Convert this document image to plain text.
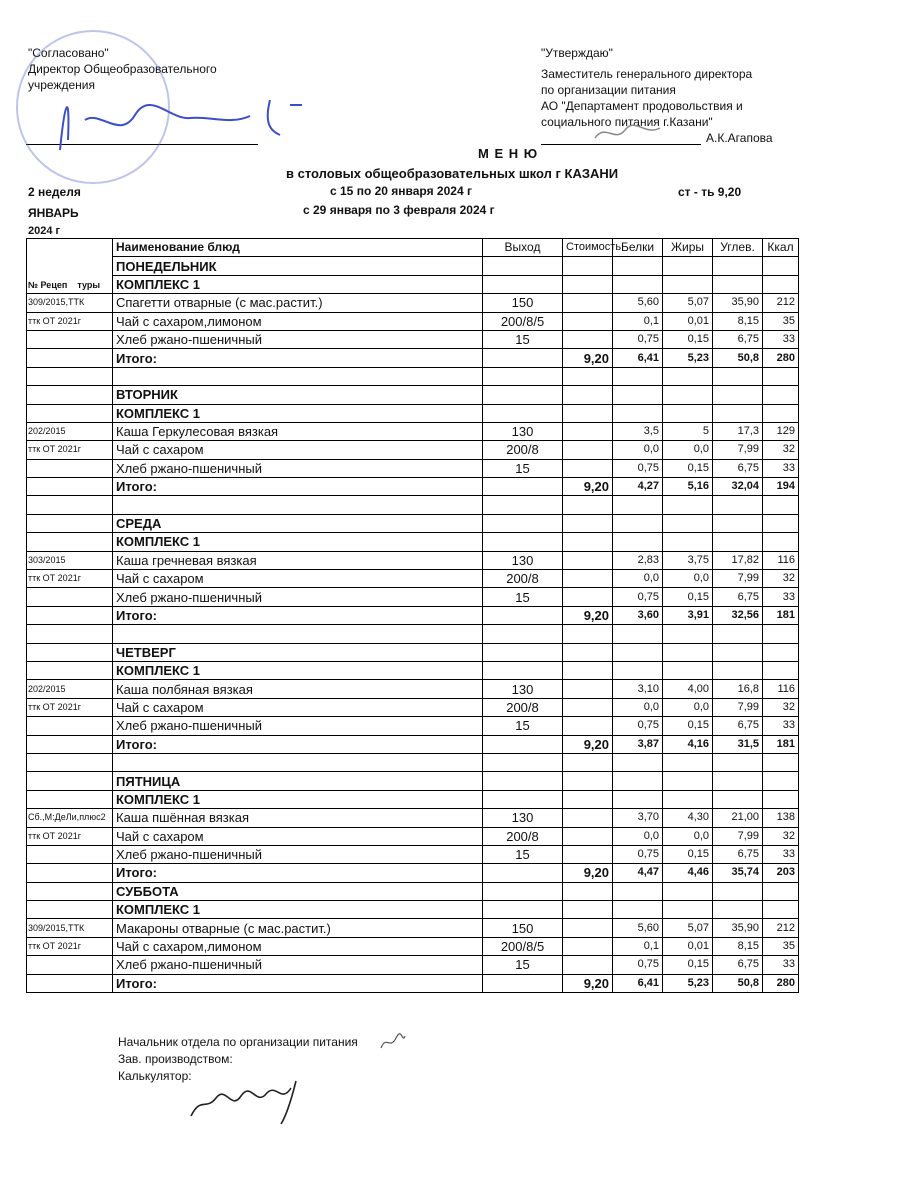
"Согласовано"
Директор Общеобразовательного
учреждения
"Утверждаю"
Заместитель генерального директора
по организации питания
АО "Департамент продовольствия и
социального питания г.Казани"
А.К.Агапова
М Е Н Ю
в столовых общеобразовательных школ г КАЗАНИ
2 неделя	с 15 по 20 января 2024 г	ст - ть 9,20
ЯНВАРЬ	с 29 января по 3 февраля 2024 г
2024 г
№ Рецеп туры	Наименование блюд	Выход	Стоимость	Белки	Жиры	Углев.	Ккал
	ПОНЕДЕЛЬНИК						
	КОМПЛЕКС 1						
309/2015,ТТК	Спагетти отварные (с мас.растит.)	150		5,60	5,07	35,90	212
ттк ОТ 2021г	Чай с сахаром,лимоном	200/8/5		0,1	0,01	8,15	35
	Хлеб ржано-пшеничный	15		0,75	0,15	6,75	33
	Итого:		9,20	6,41	5,23	50,8	280

	ВТОРНИК						
	КОМПЛЕКС 1						
202/2015	Каша Геркулесовая вязкая	130		3,5	5	17,3	129
ттк ОТ 2021г	Чай с сахаром	200/8		0,0	0,0	7,99	32
	Хлеб ржано-пшеничный	15		0,75	0,15	6,75	33
	Итого:		9,20	4,27	5,16	32,04	194

	СРЕДА						
	КОМПЛЕКС 1						
303/2015	Каша гречневая вязкая	130		2,83	3,75	17,82	116
ттк ОТ 2021г	Чай с сахаром	200/8		0,0	0,0	7,99	32
	Хлеб ржано-пшеничный	15		0,75	0,15	6,75	33
	Итого:		9,20	3,60	3,91	32,56	181

	ЧЕТВЕРГ						
	КОМПЛЕКС 1						
202/2015	Каша полбяная вязкая	130		3,10	4,00	16,8	116
ттк ОТ 2021г	Чай с сахаром	200/8		0,0	0,0	7,99	32
	Хлеб ржано-пшеничный	15		0,75	0,15	6,75	33
	Итого:		9,20	3,87	4,16	31,5	181

	ПЯТНИЦА						
	КОМПЛЕКС 1						
Сб.,М:ДеЛи,плюс2	Каша пшённая вязкая	130		3,70	4,30	21,00	138
ттк ОТ 2021г	Чай с сахаром	200/8		0,0	0,0	7,99	32
	Хлеб ржано-пшеничный	15		0,75	0,15	6,75	33
	Итого:		9,20	4,47	4,46	35,74	203
	СУББОТА						
	КОМПЛЕКС 1						
309/2015,ТТК	Макароны отварные (с мас.растит.)	150		5,60	5,07	35,90	212
ттк ОТ 2021г	Чай с сахаром,лимоном	200/8/5		0,1	0,01	8,15	35
	Хлеб ржано-пшеничный	15		0,75	0,15	6,75	33
	Итого:		9,20	6,41	5,23	50,8	280
Начальник отдела по организации питания
Зав. производством:
Калькулятор:
